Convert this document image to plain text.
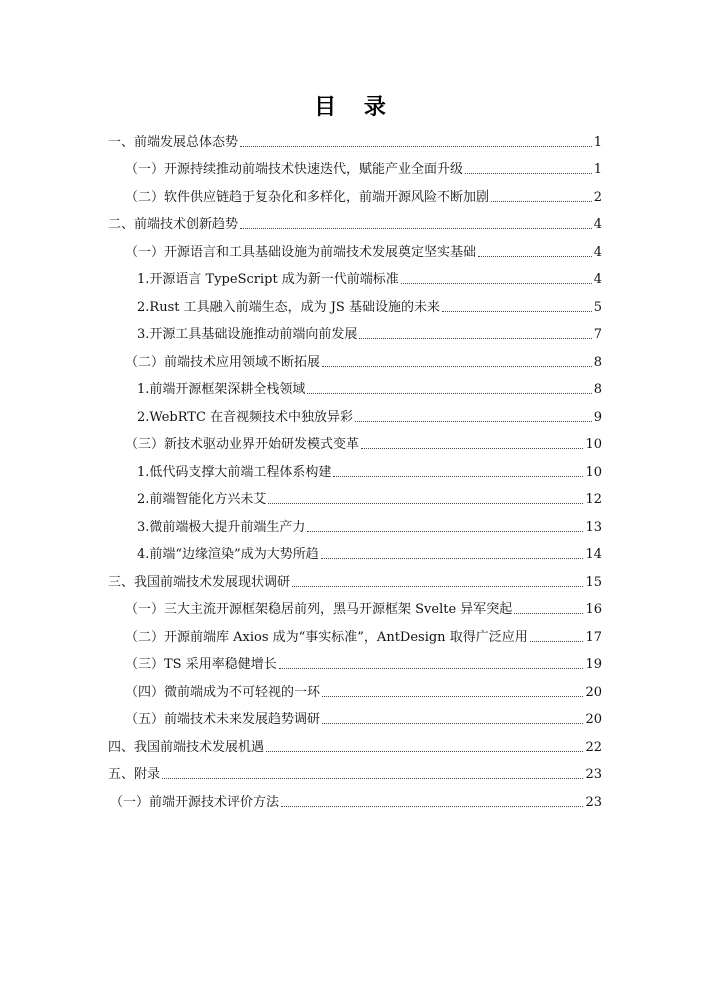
目 录
一、前端发展总体态势	1
（一）开源持续推动前端技术快速迭代，赋能产业全面升级	1
（二）软件供应链趋于复杂化和多样化，前端开源风险不断加剧	2
二、前端技术创新趋势	4
（一）开源语言和工具基础设施为前端技术发展奠定坚实基础	4
1.开源语言 TypeScript 成为新一代前端标准	4
2.Rust 工具融入前端生态，成为 JS 基础设施的未来	5
3.开源工具基础设施推动前端向前发展	7
（二）前端技术应用领域不断拓展	8
1.前端开源框架深耕全栈领域	8
2.WebRTC 在音视频技术中独放异彩	9
（三）新技术驱动业界开始研发模式变革	10
1.低代码支撑大前端工程体系构建	10
2.前端智能化方兴未艾	12
3.微前端极大提升前端生产力	13
4.前端“边缘渲染”成为大势所趋	14
三、我国前端技术发展现状调研	15
（一）三大主流开源框架稳居前列，黑马开源框架 Svelte 异军突起	16
（二）开源前端库 Axios 成为“事实标准”，AntDesign 取得广泛应用	17
（三）TS 采用率稳健增长	19
（四）微前端成为不可轻视的一环	20
（五）前端技术未来发展趋势调研	20
四、我国前端技术发展机遇	22
五、附录	23
（一）前端开源技术评价方法	23
